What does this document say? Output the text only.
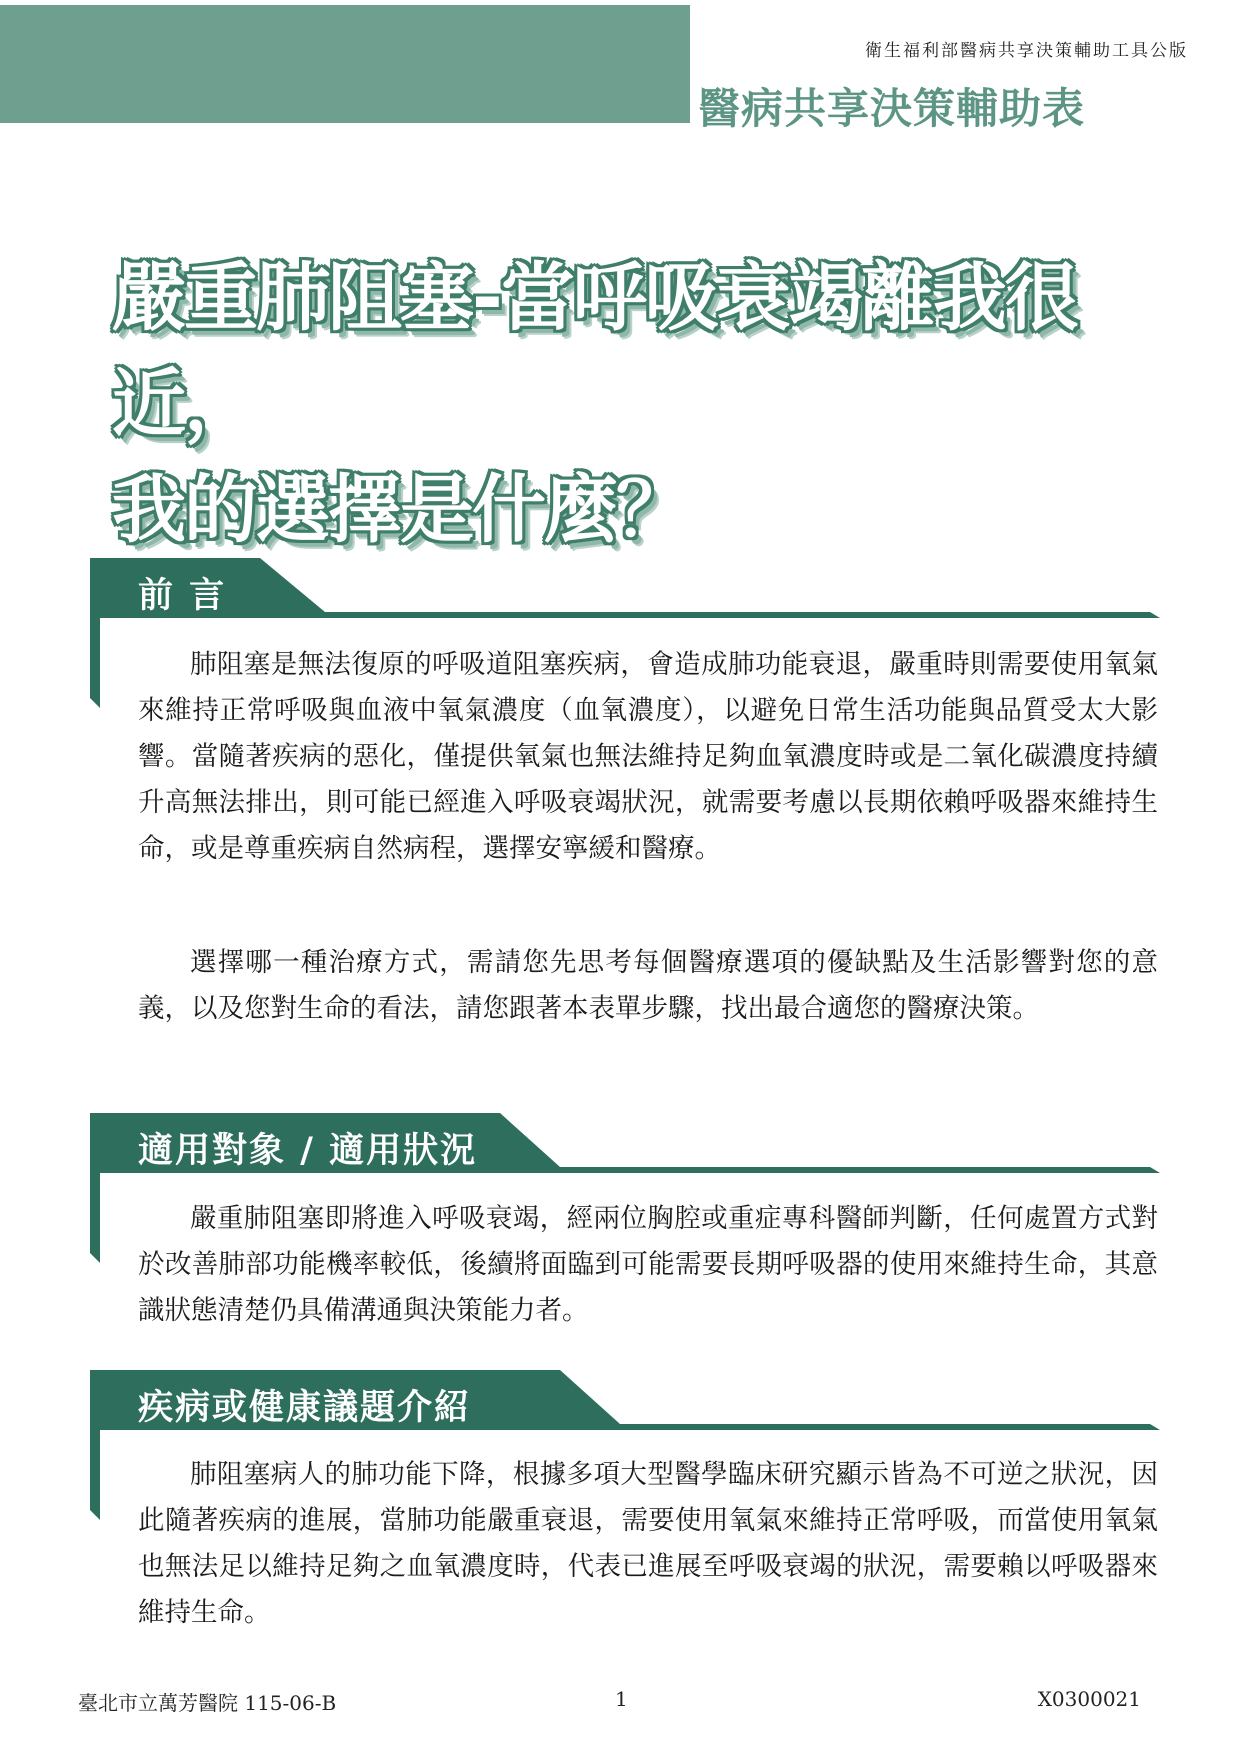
衛生福利部醫病共享決策輔助工具公版
醫病共享決策輔助表
嚴重肺阻塞-當呼吸衰竭離我很近，
我的選擇是什麼？
前 言

肺阻塞是無法復原的呼吸道阻塞疾病，會造成肺功能衰退，嚴重時則需要使用氧氣來維持正常呼吸與血液中氧氣濃度（血氧濃度），以避免日常生活功能與品質受太大影響。當隨著疾病的惡化，僅提供氧氣也無法維持足夠血氧濃度時或是二氧化碳濃度持續升高無法排出，則可能已經進入呼吸衰竭狀況，就需要考慮以長期依賴呼吸器來維持生命，或是尊重疾病自然病程，選擇安寧緩和醫療。

選擇哪一種治療方式，需請您先思考每個醫療選項的優缺點及生活影響對您的意義，以及您對生命的看法，請您跟著本表單步驟，找出最合適您的醫療決策。

適用對象 / 適用狀況

嚴重肺阻塞即將進入呼吸衰竭，經兩位胸腔或重症專科醫師判斷，任何處置方式對於改善肺部功能機率較低，後續將面臨到可能需要長期呼吸器的使用來維持生命，其意識狀態清楚仍具備溝通與決策能力者。

疾病或健康議題介紹

肺阻塞病人的肺功能下降，根據多項大型醫學臨床研究顯示皆為不可逆之狀況，因此隨著疾病的進展，當肺功能嚴重衰退，需要使用氧氣來維持正常呼吸，而當使用氧氣也無法足以維持足夠之血氧濃度時，代表已進展至呼吸衰竭的狀況，需要賴以呼吸器來維持生命。

臺北市立萬芳醫院 115-06-B	1	X0300021
